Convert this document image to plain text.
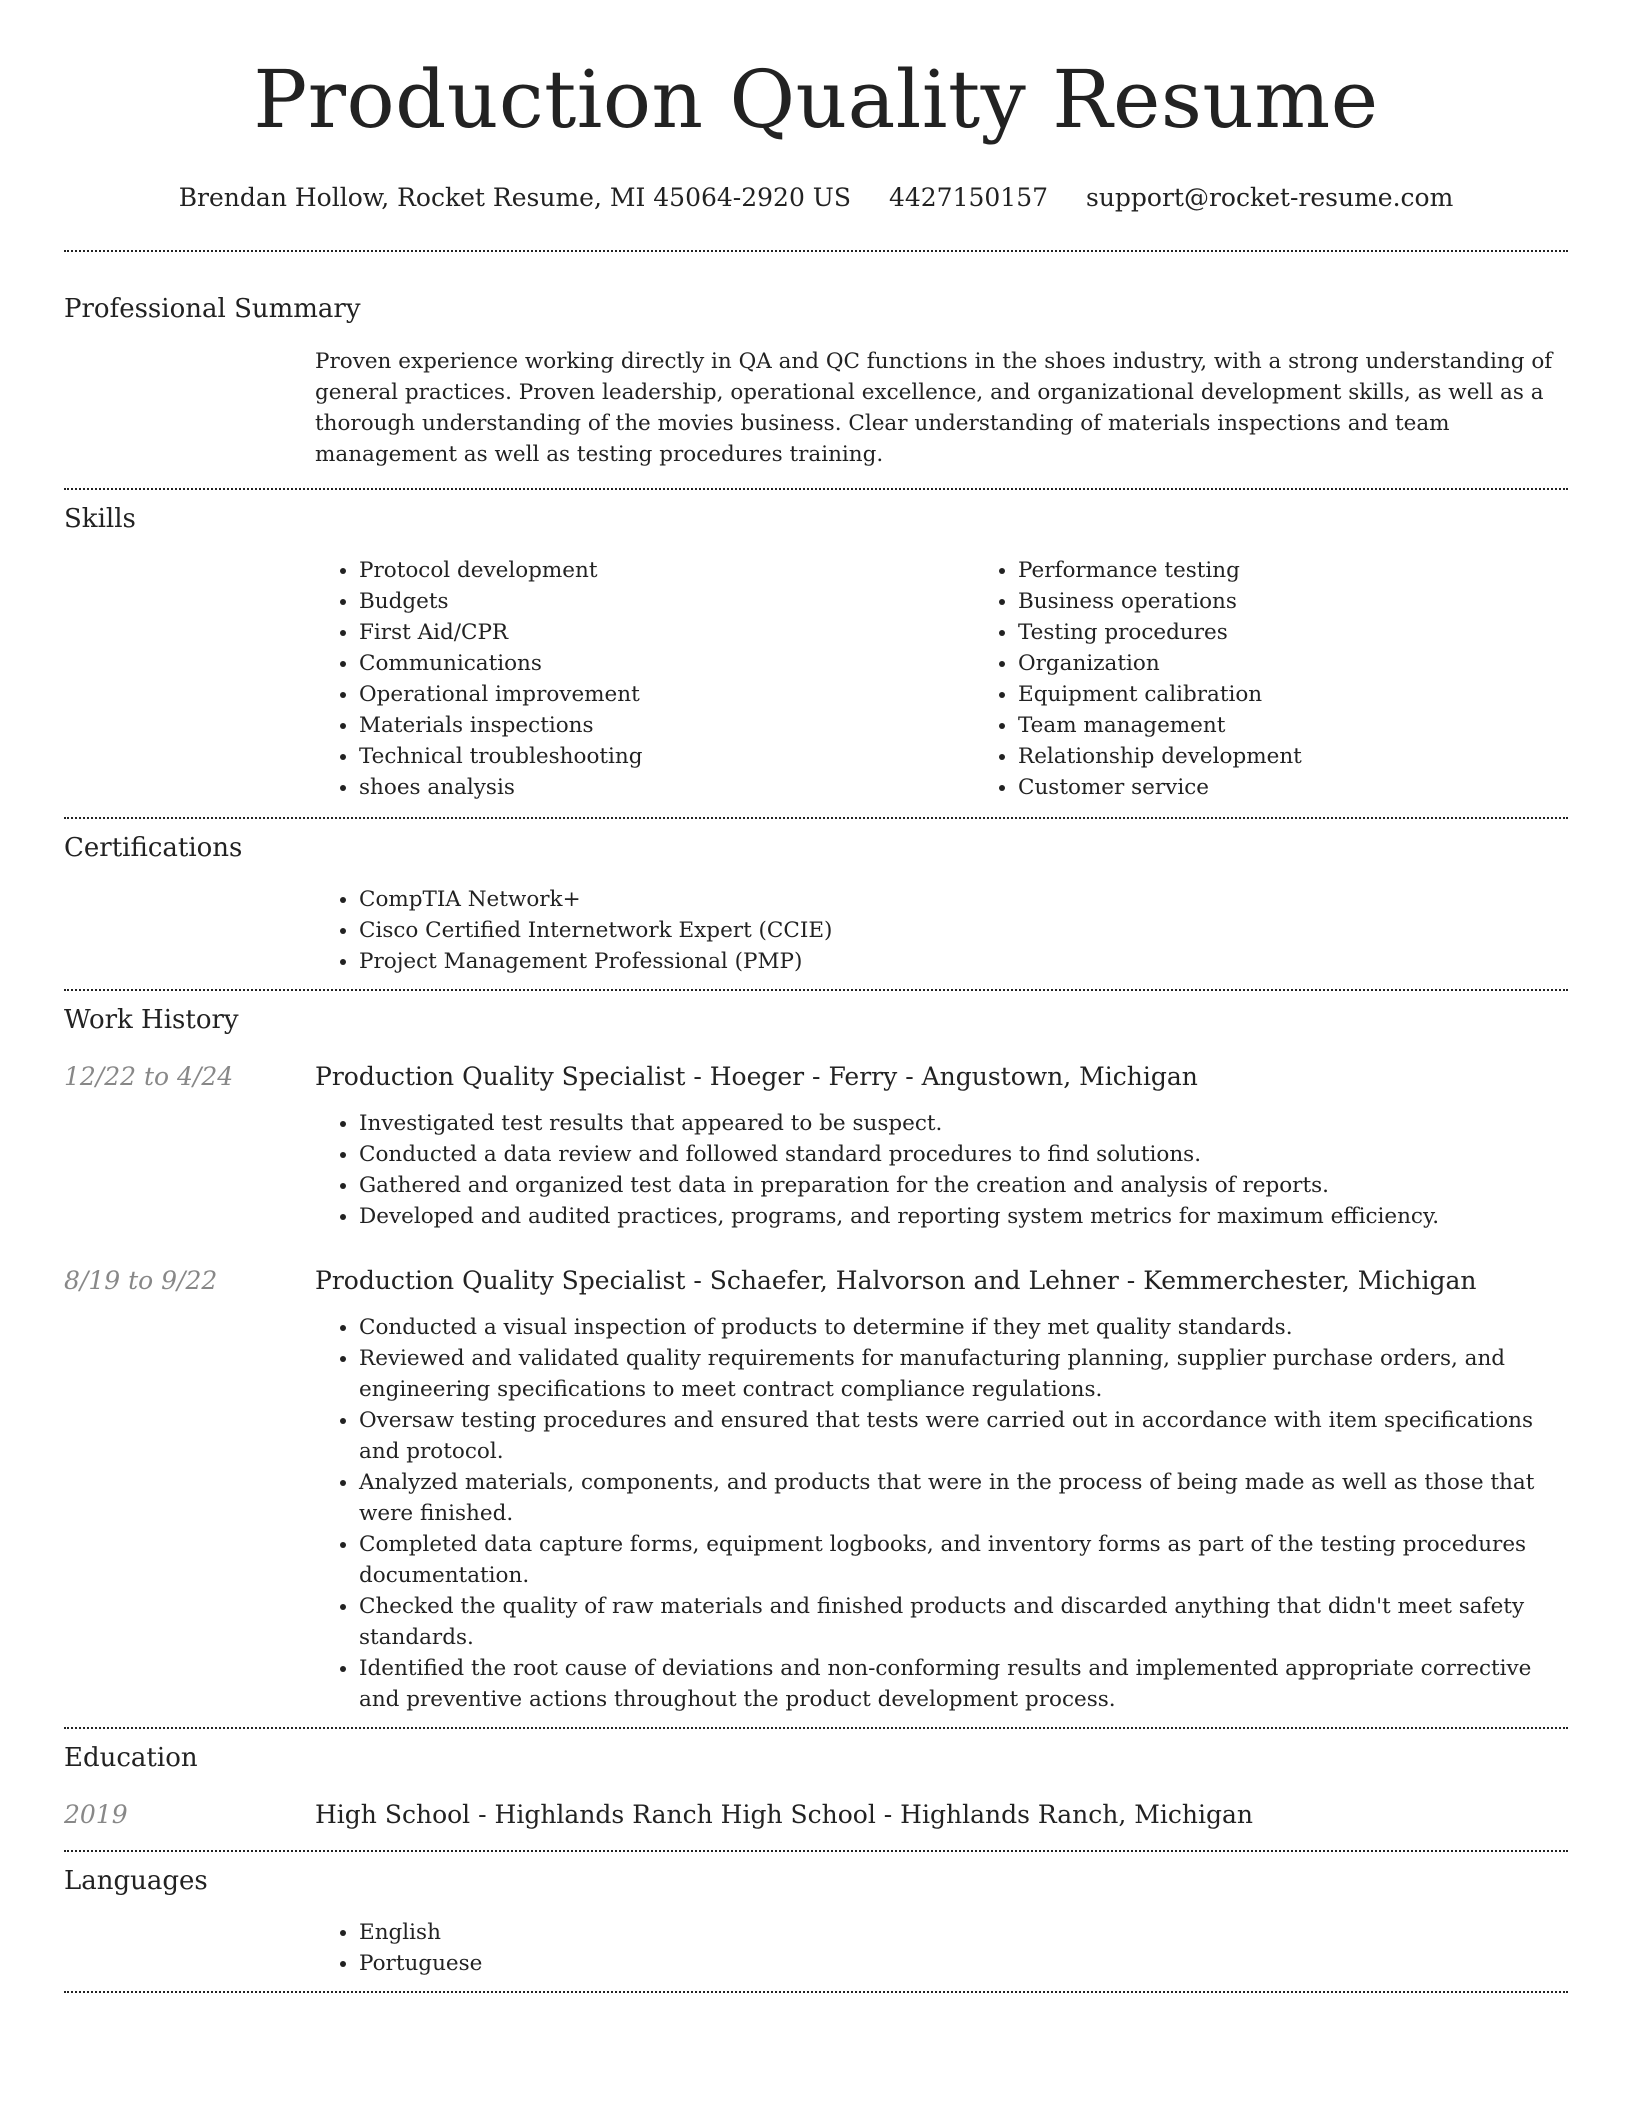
Production Quality Resume
Brendan Hollow, Rocket Resume, MI 45064-2920 US 4427150157 support@rocket-resume.com
Professional Summary
Proven experience working directly in QA and QC functions in the shoes industry, with a strong understanding of general practices. Proven leadership, operational excellence, and organizational development skills, as well as a thorough understanding of the movies business. Clear understanding of materials inspections and team management as well as testing procedures training.
Skills
• Protocol development
• Budgets
• First Aid/CPR
• Communications
• Operational improvement
• Materials inspections
• Technical troubleshooting
• shoes analysis
• Performance testing
• Business operations
• Testing procedures
• Organization
• Equipment calibration
• Team management
• Relationship development
• Customer service
Certifications
• CompTIA Network+
• Cisco Certified Internetwork Expert (CCIE)
• Project Management Professional (PMP)
Work History
12/22 to 4/24	Production Quality Specialist - Hoeger - Ferry - Angustown, Michigan
• Investigated test results that appeared to be suspect.
• Conducted a data review and followed standard procedures to find solutions.
• Gathered and organized test data in preparation for the creation and analysis of reports.
• Developed and audited practices, programs, and reporting system metrics for maximum efficiency.
8/19 to 9/22	Production Quality Specialist - Schaefer, Halvorson and Lehner - Kemmerchester, Michigan
• Conducted a visual inspection of products to determine if they met quality standards.
• Reviewed and validated quality requirements for manufacturing planning, supplier purchase orders, and engineering specifications to meet contract compliance regulations.
• Oversaw testing procedures and ensured that tests were carried out in accordance with item specifications and protocol.
• Analyzed materials, components, and products that were in the process of being made as well as those that were finished.
• Completed data capture forms, equipment logbooks, and inventory forms as part of the testing procedures documentation.
• Checked the quality of raw materials and finished products and discarded anything that didn't meet safety standards.
• Identified the root cause of deviations and non-conforming results and implemented appropriate corrective and preventive actions throughout the product development process.
Education
2019	High School - Highlands Ranch High School - Highlands Ranch, Michigan
Languages
• English
• Portuguese
